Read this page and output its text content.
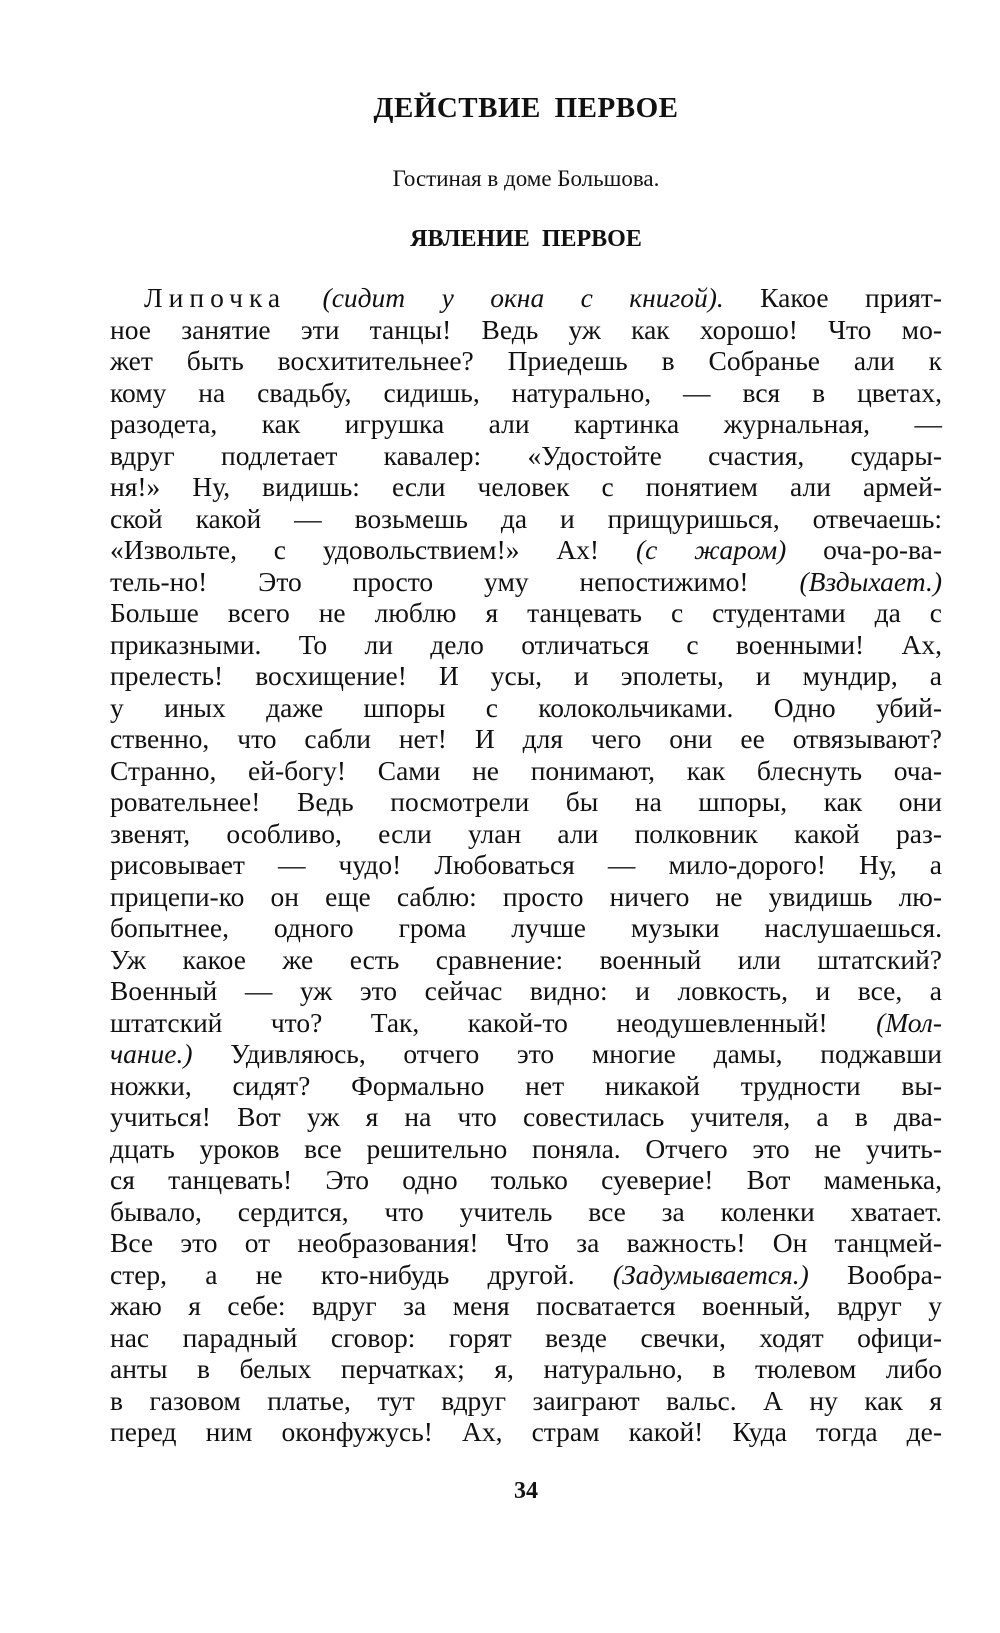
ДЕЙСТВИЕ ПЕРВОЕ
Гостиная в доме Большова.
ЯВЛЕНИЕ ПЕРВОЕ
Липочка (сидит у окна с книгой). Какое прият-
ное занятие эти танцы! Ведь уж как хорошо! Что мо-
жет быть восхитительнее? Приедешь в Собранье али к
кому на свадьбу, сидишь, натурально, — вся в цветах,
разодета, как игрушка али картинка журнальная, —
вдруг подлетает кавалер: «Удостойте счастия, судары-
ня!» Ну, видишь: если человек с понятием али армей-
ской какой — возьмешь да и прищуришься, отвечаешь:
«Извольте, с удовольствием!» Ах! (с жаром) оча-ро-ва-
тель-но! Это просто уму непостижимо! (Вздыхает.)
Больше всего не люблю я танцевать с студентами да с
приказными. То ли дело отличаться с военными! Ах,
прелесть! восхищение! И усы, и эполеты, и мундир, а
у иных даже шпоры с колокольчиками. Одно убий-
ственно, что сабли нет! И для чего они ее отвязывают?
Странно, ей-богу! Сами не понимают, как блеснуть оча-
ровательнее! Ведь посмотрели бы на шпоры, как они
звенят, особливо, если улан али полковник какой раз-
рисовывает — чудо! Любоваться — мило-дорого! Ну, а
прицепи-ко он еще саблю: просто ничего не увидишь лю-
бопытнее, одного грома лучше музыки наслушаешься.
Уж какое же есть сравнение: военный или штатский?
Военный — уж это сейчас видно: и ловкость, и все, а
штатский что? Так, какой-то неодушевленный! (Мол-
чание.) Удивляюсь, отчего это многие дамы, поджавши
ножки, сидят? Формально нет никакой трудности вы-
учиться! Вот уж я на что совестилась учителя, а в два-
дцать уроков все решительно поняла. Отчего это не учить-
ся танцевать! Это одно только суеверие! Вот маменька,
бывало, сердится, что учитель все за коленки хватает.
Все это от необразования! Что за важность! Он танцмей-
стер, а не кто-нибудь другой. (Задумывается.) Вообра-
жаю я себе: вдруг за меня посватается военный, вдруг у
нас парадный сговор: горят везде свечки, ходят офици-
анты в белых перчатках; я, натурально, в тюлевом либо
в газовом платье, тут вдруг заиграют вальс. А ну как я
перед ним оконфужусь! Ах, страм какой! Куда тогда де-
34
